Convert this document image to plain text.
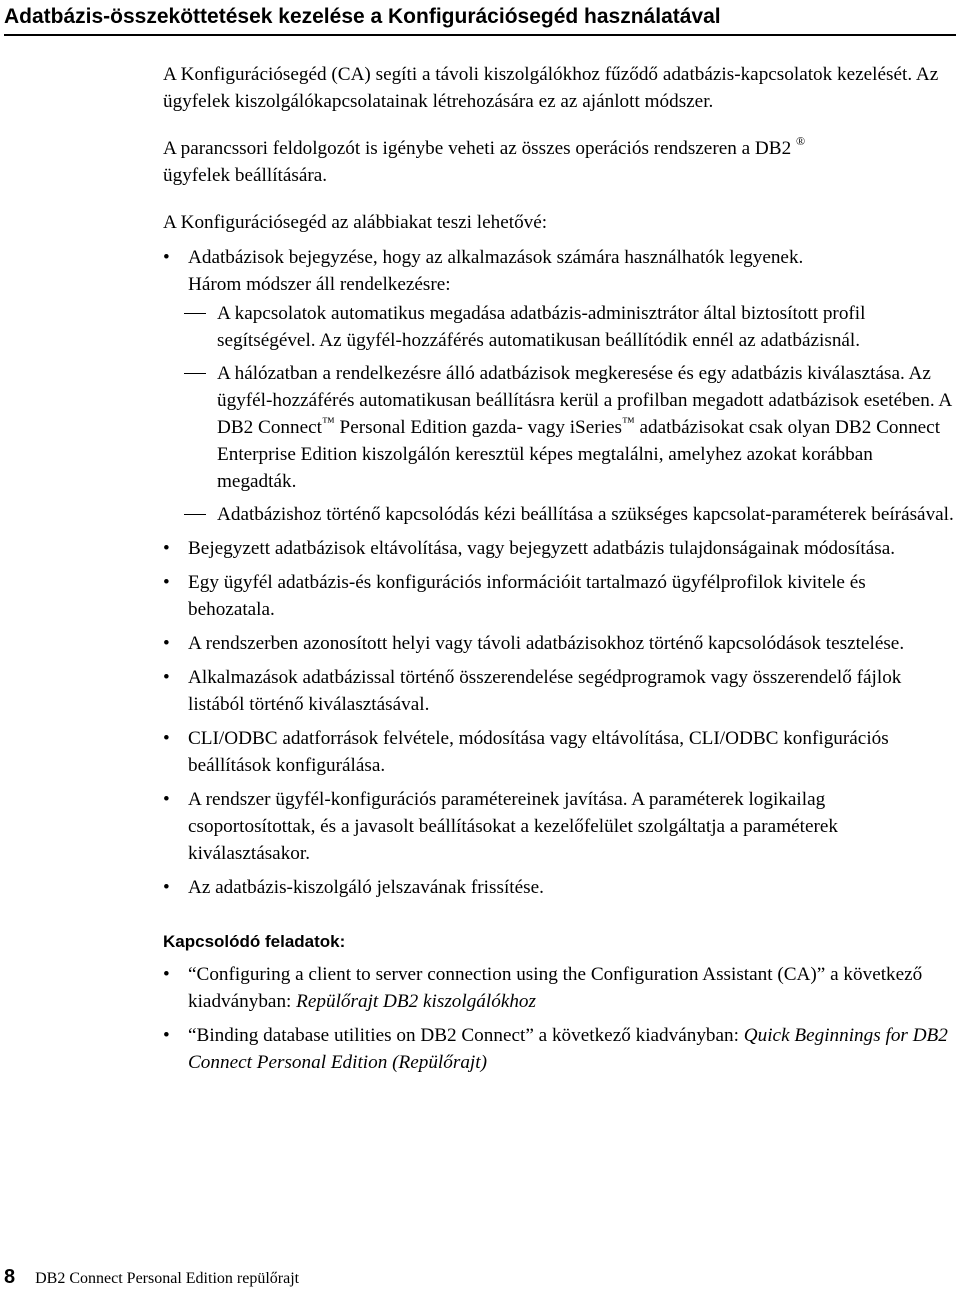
Adatbázis-összeköttetések kezelése a Konfigurációsegéd használatával

A Konfigurációsegéd (CA) segíti a távoli kiszolgálókhoz fűződő adatbázis-kapcsolatok kezelését. Az ügyfelek kiszolgálókapcsolatainak létrehozására ez az ajánlott módszer.

A parancssori feldolgozót is igénybe veheti az összes operációs rendszeren a DB2 ®
ügyfelek beállítására.

A Konfigurációsegéd az alábbiakat teszi lehetővé:

• Adatbázisok bejegyzése, hogy az alkalmazások számára használhatók legyenek.
Három módszer áll rendelkezésre:
A kapcsolatok automatikus megadása adatbázis-adminisztrátor által biztosított profil segítségével. Az ügyfél-hozzáférés automatikusan beállítódik ennél az adatbázisnál.
A hálózatban a rendelkezésre álló adatbázisok megkeresése és egy adatbázis kiválasztása. Az ügyfél-hozzáférés automatikusan beállításra kerül a profilban megadott adatbázisok esetében. A DB2 Connect™ Personal Edition gazda- vagy iSeries™ adatbázisokat csak olyan DB2 Connect Enterprise Edition kiszolgálón keresztül képes megtalálni, amelyhez azokat korábban megadták.
Adatbázishoz történő kapcsolódás kézi beállítása a szükséges kapcsolat-paraméterek beírásával.
• Bejegyzett adatbázisok eltávolítása, vagy bejegyzett adatbázis tulajdonságainak módosítása.
• Egy ügyfél adatbázis-és konfigurációs információit tartalmazó ügyfélprofilok kivitele és behozatala.
• A rendszerben azonosított helyi vagy távoli adatbázisokhoz történő kapcsolódások tesztelése.
• Alkalmazások adatbázissal történő összerendelése segédprogramok vagy összerendelő fájlok listából történő kiválasztásával.
• CLI/ODBC adatforrások felvétele, módosítása vagy eltávolítása, CLI/ODBC konfigurációs beállítások konfigurálása.
• A rendszer ügyfél-konfigurációs paramétereinek javítása. A paraméterek logikailag csoportosítottak, és a javasolt beállításokat a kezelőfelület szolgáltatja a paraméterek kiválasztásakor.
• Az adatbázis-kiszolgáló jelszavának frissítése.
Kapcsolódó feladatok:
• “Configuring a client to server connection using the Configuration Assistant (CA)” a következő kiadványban: Repülőrajt DB2 kiszolgálókhoz
• “Binding database utilities on DB2 Connect” a következő kiadványban: Quick Beginnings for DB2 Connect Personal Edition (Repülőrajt)
8 DB2 Connect Personal Edition repülőrajt
